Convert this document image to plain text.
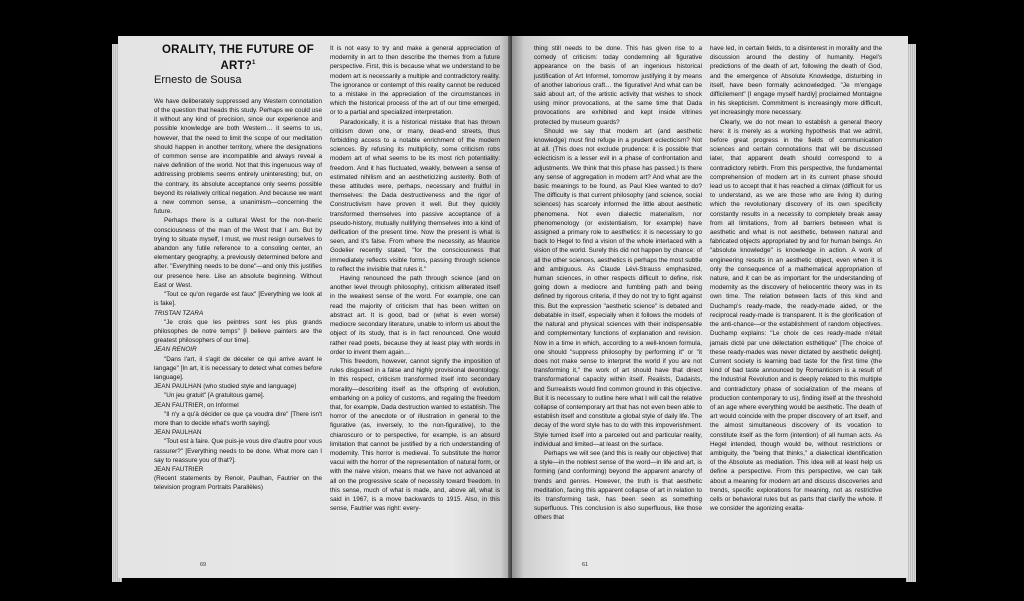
ORALITY, THE FUTURE OF ART?$^1$
Ernesto de Sousa

We have deliberately suppressed any Western connotation of the question that heads this study. Perhaps we could use it without any kind of precision, since our experience and possible knowledge are both Western… it seems to us, however, that the need to limit the scope of our meditation should happen in another territory, where the designations of common sense are incompatible and always reveal a naive definition of the world. Not that this ingenuous way of addressing problems seems entirely uninteresting; but, on the contrary, its absolute acceptance only seems possible beyond its relatively critical negation. And because we want a new common sense, a unanimism—concerning the future.

Perhaps there is a cultural West for the non-theric consciousness of the man of the West that I am. But by trying to situate myself, I must, we must resign ourselves to abandon any futile reference to a consoling center, an elementary geography, a previously determined before and after. "Everything needs to be done"—and only this justifies our presence here. Like an absolute beginning. Without East or West.

"Tout ce qu'on regarde est faux" [Everything we look at is fake].
TRISTAN TZARA

"Je crois que les peintres sont les plus grands philosophes de notre temps" [I believe painters are the greatest philosophers of our time].
JEAN RENOIR

"Dans l'art, il s'agit de déceler ce qui arrive avant le langage" [In art, it is necessary to detect what comes before language].
JEAN PAULHAN (who studied style and language)

"Un jeu gratuit" [A gratuitous game].
JEAN FAUTRIER, on Informel

"Il n'y a qu'à décider ce que ça voudra dire" [There isn't more than to decide what's worth saying].
JEAN PAULHAN

"Tout est à faire. Que puis-je vous dire d'autre pour vous rassurer?" [Everything needs to be done. What more can I say to reassure you of that?].
JEAN FAUTRIER
(Recent statements by Renoir, Paulhan, Fautrier on the television program Portraits Parallèles)

It is not easy to try and make a general appreciation of modernity in art to then describe the themes from a future perspective. First, this is because what we understand to be modern art is necessarily a multiple and contradictory reality. The ignorance or contempt of this reality cannot be reduced to a mistake in the appreciation of the circumstances in which the historical process of the art of our time emerged, or to a partial and specialized interpretation.

Paradoxically, it is a historical mistake that has thrown criticism down one, or many, dead-end streets, thus forbidding access to a notable enrichment of the modern sciences. By refusing its multiplicity, some criticism robs modern art of what seems to be its most rich potentiality: freedom. And it has fluctuated, weakly, between a sense of estimated nihilism and an aestheticizing austerity. Both of these attitudes were, perhaps, necessary and fruitful in themselves: the Dada destructiveness and the rigor of Constructivism have proven it well. But they quickly transformed themselves into passive acceptance of a pseudo-history, mutually nullifying themselves into a kind of deification of the present time. Now the present is what is seen, and it's false. From where the necessity, as Maurice Godelier recently stated, "for the consciousness that immediately reflects visible forms, passing through science to reflect the invisible that rules it."

Having renounced the path through science (and on another level through philosophy), criticism alliterated itself in the weakest sense of the word. For example, one can read the majority of criticism that has been written on abstract art. It is good, bad or (what is even worse) mediocre secondary literature, unable to inform us about the object of its study, that is in fact renounced. One would rather read poets, because they at least play with words in order to invent them again…

This freedom, however, cannot signify the imposition of rules disguised in a false and highly provisional deontology. In this respect, criticism transformed itself into secondary morality—describing itself as the offspring of evolution, embarking on a policy of customs, and regaling the freedom that, for example, Dada destruction wanted to establish. The horror of the anecdote or of illustration in general to the figurative (as, inversely, to the non-figurative), to the chiaroscuro or to perspective, for example, is an absurd limitation that cannot be justified by a rich understanding of modernity. This horror is medieval. To substitute the horror vacui with the horror of the representation of natural form, or with the naive vision, means that we have not advanced at all on the progressive scale of necessity toward freedom. In this sense, much of what is made, and, above all, what is said in 1967, is a move backwards to 1915. Also, in this sense, Fautrier was right: every-

69

thing still needs to be done. This has given rise to a comedy of criticism: today condemning all figurative appearance on the basis of an ingenious historical justification of Art Informel, tomorrow justifying it by means of another laborious craft… the figurative! And what can be said about art, of the artistic activity that wishes to shock using minor provocations, at the same time that Dada provocations are exhibited and kept inside vitrines protected by museum guards?

Should we say that modern art (and aesthetic knowledge) must find refuge in a prudent eclecticism? Not at all. (This does not exclude prudence: it is possible that eclecticism is a lesser evil in a phase of confrontation and adjustments. We think that this phase has passed.) Is there any sense of aggregation in modern art? And what are the basic meanings to be found, as Paul Klee wanted to do? The difficulty is that current philosophy (and science, social sciences) has scarcely informed the little about aesthetic phenomena. Not even dialectic materialism, nor phenomenology (or existentialism, for example) have assigned a primary role to aesthetics: it is necessary to go back to Hegel to find a vision of the whole interlaced with a vision of the world. Surely this did not happen by chance: of all the other sciences, aesthetics is perhaps the most subtle and ambiguous. As Claude Lévi-Strauss emphasized, human sciences, in other respects difficult to define, risk going down a mediocre and fumbling path and being defined by rigorous criteria, if they do not try to fight against this. But the expression "aesthetic science" is debated and debatable in itself, especially when it follows the models of the natural and physical sciences with their indispensable and complementary functions of explanation and revision. Now in a time in which, according to a well-known formula, one should "suppress philosophy by performing it" or "it does not make sense to interpret the world if you are not transforming it," the work of art should have that direct transformational capacity within itself. Realists, Dadaists, and Surrealists would find common ground in this objective. But it is necessary to outline here what I will call the relative collapse of contemporary art that has not even been able to establish itself and constitute a global style of daily life. The decay of the word style has to do with this impoverishment. Style turned itself into a parceled out and particular reality, individual and limited—at least on the surface.

Perhaps we will see (and this is really our objective) that a style—in the noblest sense of the word—in life and art, is forming (and conforming) beyond the apparent anarchy of trends and genres. However, the truth is that aesthetic meditation, facing this apparent collapse of art in relation to its transforming task, has been seen as something superfluous. This conclusion is also superfluous, like those others that

have led, in certain fields, to a disinterest in morality and the discussion around the destiny of humanity. Hegel's predictions of the death of art, following the death of God, and the emergence of Absolute Knowledge, disturbing in itself, have been formally acknowledged. "Je m'engage difficilement" [I engage myself hardly] proclaimed Montaigne in his skepticism. Commitment is increasingly more difficult, yet increasingly more necessary.

Clearly, we do not mean to establish a general theory here: it is merely as a working hypothesis that we admit, before great progress in the fields of communication sciences and certain connotations that will be discussed later, that apparent death should correspond to a contradictory rebirth. From this perspective, the fundamental comprehension of modern art in its current phase should lead us to accept that it has reached a climax (difficult for us to understand, as we are those who are living it) during which the revolutionary discovery of its own specificity constantly results in a necessity to completely break away from all limitations, from all barriers between what is aesthetic and what is not aesthetic, between natural and fabricated objects appropriated by and for human beings. An "absolute knowledge" is knowledge in action. A work of engineering results in an aesthetic object, even when it is only the consequence of a mathematical appropriation of nature, and it can be as important for the understanding of modernity as the discovery of heliocentric theory was in its own time. The relation between facts of this kind and Duchamp's ready-made, the ready-made aided, or the reciprocal ready-made is transparent. It is the glorification of the anti-chance—or the establishment of random objectives. Duchamp explains: "Le choix de ces ready-made n'était jamais dicté par une délectation esthétique" [The choice of these ready-mades was never dictated by aesthetic delight]. Current society is learning bad taste for the first time (the kind of bad taste announced by Romanticism is a result of the Industrial Revolution and is deeply related to this multiple and contradictory phase of socialization of the means of production contemporary to us), finding itself at the threshold of an age where everything would be aesthetic. The death of art would coincide with the proper discovery of art itself, and the almost simultaneous discovery of its vocation to constitute itself as the form (intention) of all human acts. As Hegel intended, though would be, without restrictions or ambiguity, the "being that thinks," a dialectical identification of the Absolute as mediation. This idea will at least help us define a perspective. From this perspective, we can talk about a meaning for modern art and discuss discoveries and trends, specific explorations for meaning, not as restrictive cells or behavioral rules but as parts that clarify the whole. If we consider the agonizing exalta-

61
